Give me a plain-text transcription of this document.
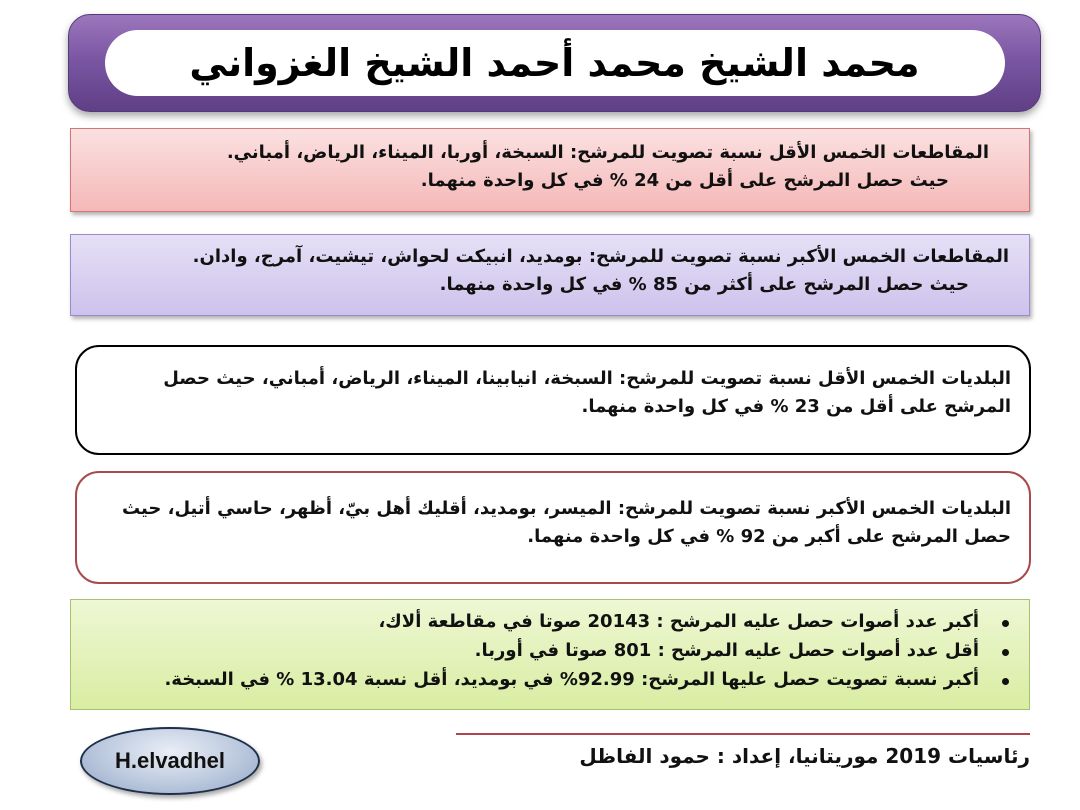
محمد الشيخ محمد أحمد الشيخ الغزواني
المقاطعات الخمس الأقل نسبة تصويت للمرشح: السبخة، أوربا، الميناء، الرياض، أمباني.
حيث حصل المرشح على أقل من 24 % في كل واحدة منهما.
المقاطعات الخمس الأكبر نسبة تصويت للمرشح: بومديد، انبيكت لحواش، تيشيت، آمرج، وادان.
حيث حصل المرشح على أكثر من 85 % في كل واحدة منهما.
البلديات الخمس الأقل نسبة تصويت للمرشح: السبخة، انيابينا، الميناء، الرياض، أمباني، حيث حصل
المرشح على أقل من 23 % في كل واحدة منهما.
البلديات الخمس الأكبر نسبة تصويت للمرشح: الميسر، بومديد، أقليك أهل بيّ، أظهر، حاسي أتيل، حيث
حصل المرشح على أكبر من 92 % في كل واحدة منهما.
أكبر عدد أصوات حصل عليه المرشح : 20143 صوتا في مقاطعة ألاك،
أقل عدد أصوات حصل عليه المرشح : 801 صوتا في أوربا.
أكبر نسبة تصويت حصل عليها المرشح: 92.99% في بومديد، أقل نسبة 13.04 % في السبخة.
H.elvadhel	رئاسيات 2019 موريتانيا، إعداد : حمود الفاظل
